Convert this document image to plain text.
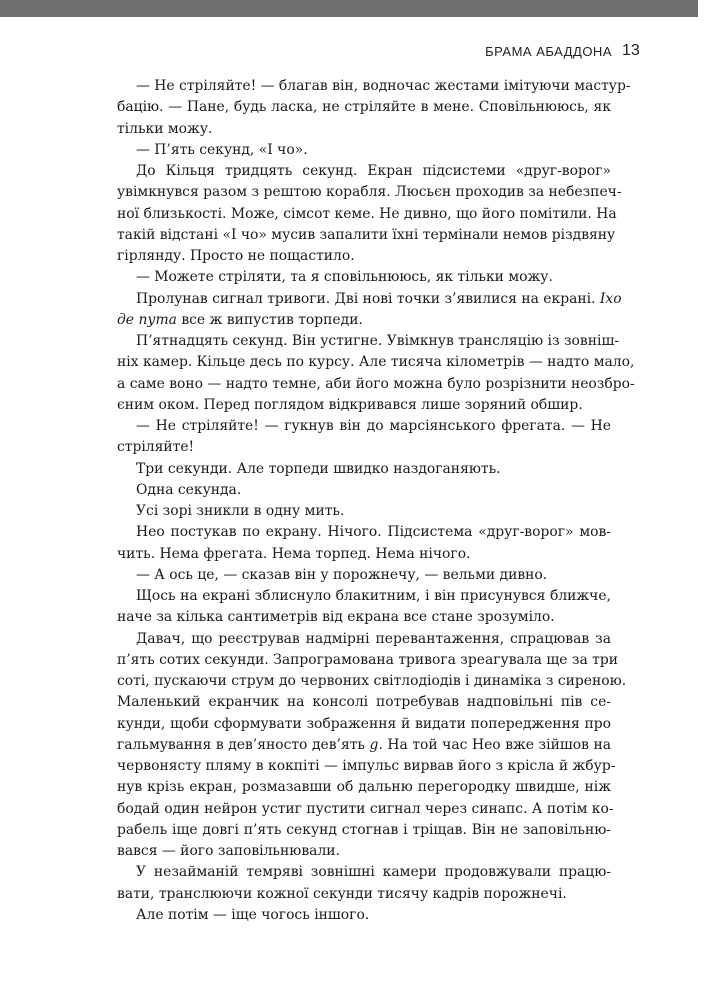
БРАМА АБАДДОНА 13
— Не стріляйте! — благав він, водночас жестами імітуючи мастур-
бацію. — Пане, будь ласка, не стріляйте в мене. Сповільнююсь, як
тільки можу.
— П’ять секунд, «І чо».
До Кільця тридцять секунд. Екран підсистеми «друг-ворог»
увімкнувся разом з рештою корабля. Люсьєн проходив за небезпеч-
ної близькості. Може, сімсот кеме. Не дивно, що його помітили. На
такій відстані «І чо» мусив запалити їхні термінали немов різдвяну
гірлянду. Просто не пощастило.
— Можете стріляти, та я сповільнююсь, як тільки можу.
Пролунав сигнал тривоги. Дві нові точки з’явилися на екрані. Іхо
де пута все ж випустив торпеди.
П’ятнадцять секунд. Він устигне. Увімкнув трансляцію із зовніш-
ніх камер. Кільце десь по курсу. Але тисяча кілометрів — надто мало,
а саме воно — надто темне, аби його можна було розрізнити неозбро-
єним оком. Перед поглядом відкривався лише зоряний обшир.
— Не стріляйте! — гукнув він до марсіянського фрегата. — Не
стріляйте!
Три секунди. Але торпеди швидко наздоганяють.
Одна секунда.
Усі зорі зникли в одну мить.
Нео постукав по екрану. Нічого. Підсистема «друг-ворог» мов-
чить. Нема фрегата. Нема торпед. Нема нічого.
— А ось це, — сказав він у порожнечу, — вельми дивно.
Щось на екрані зблиснуло блакитним, і він присунувся ближче,
наче за кілька сантиметрів від екрана все стане зрозуміло.
Давач, що реєстрував надмірні перевантаження, спрацював за
п’ять сотих секунди. Запрограмована тривога зреагувала ще за три
соті, пускаючи струм до червоних світлодіодів і динаміка з сиреною.
Маленький екранчик на консолі потребував надповільні пів се-
кунди, щоби сформувати зображення й видати попередження про
гальмування в дев’яносто дев’ять g. На той час Нео вже зійшов на
червоняcту пляму в кокпіті — імпульс вирвав його з крісла й жбур-
нув крізь екран, розмазавши об дальню перегородку швидше, ніж
бодай один нейрон устиг пустити сигнал через синапс. А потім ко-
рабель іще довгі п’ять секунд стогнав і тріщав. Він не заповільню-
вався — його заповільнювали.
У незайманій темряві зовнішні камери продовжували працю-
вати, транслюючи кожної секунди тисячу кадрів порожнечі.
Але потім — іще чогось іншого.
